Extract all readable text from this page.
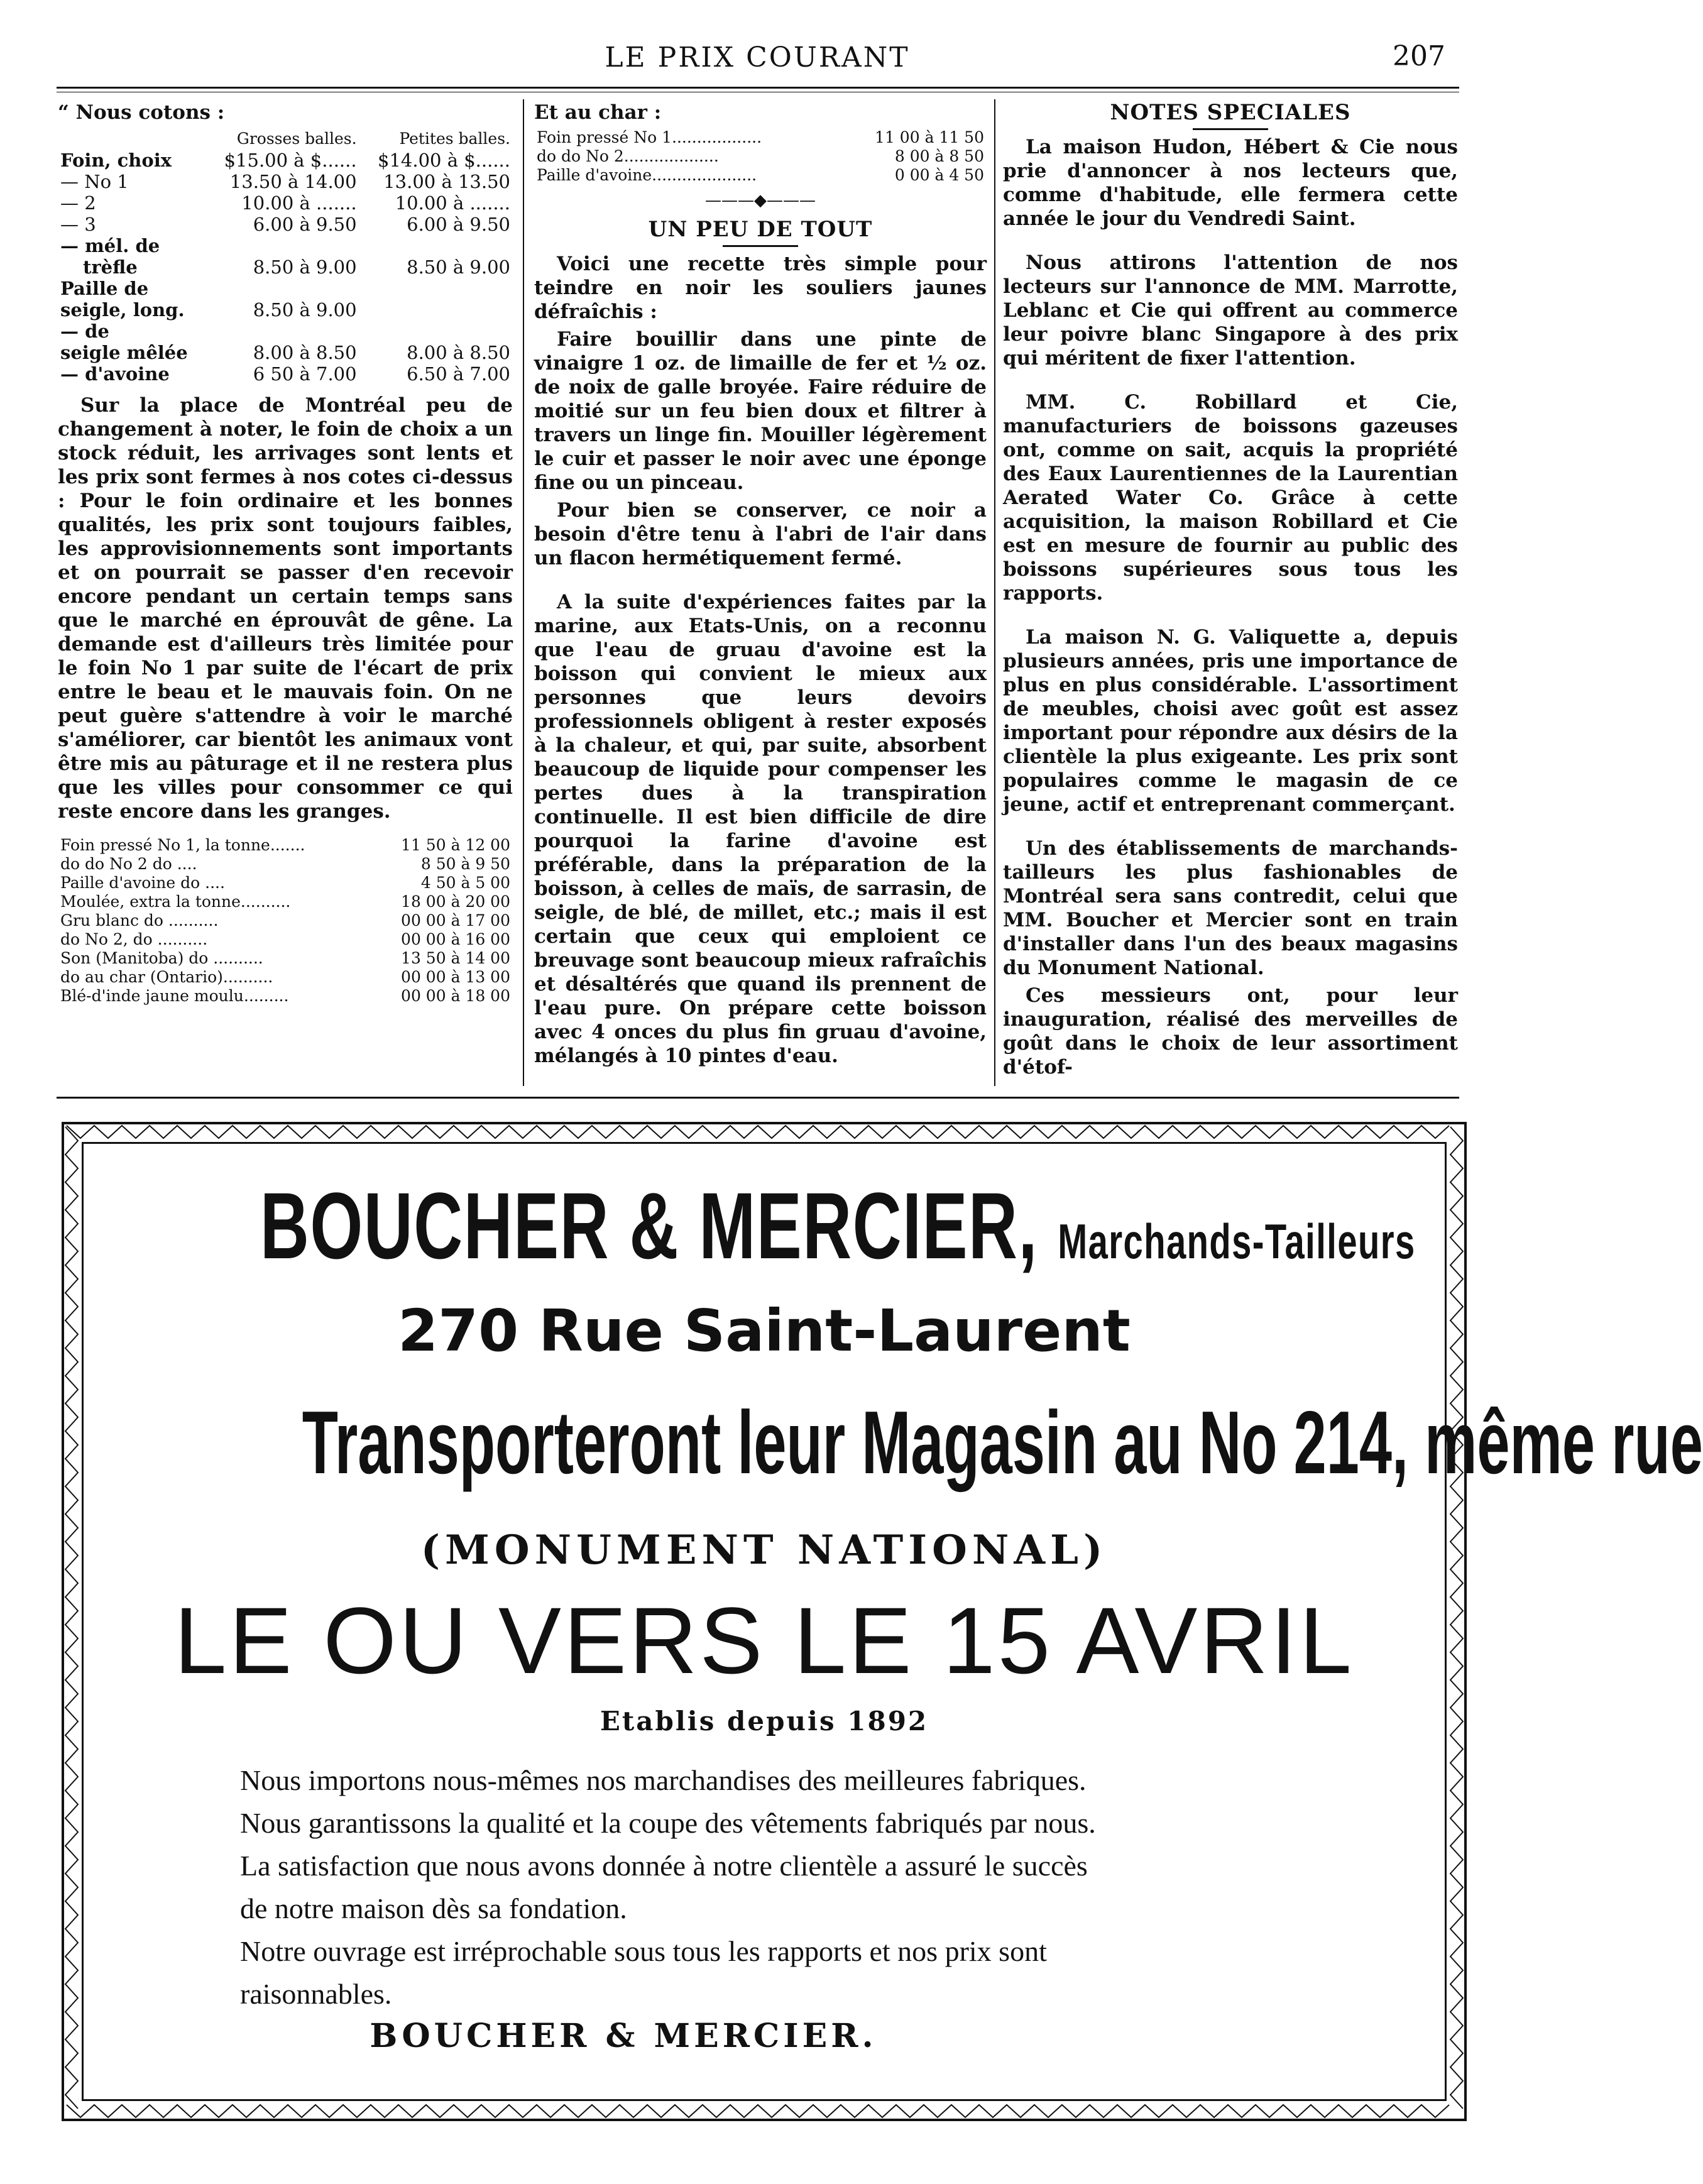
LE PRIX COURANT	207
“ Nous cotons :
	Grosses balles.	Petites balles.
Foin, choix	$15.00 à $......	$14.00 à $......
— No 1	13.50 à 14.00	13.00 à 13.50
— 2	10.00 à .......	10.00 à .......
— 3	6.00 à 9.50	6.00 à 9.50
— mél. de		
trèfle	8.50 à 9.00	8.50 à 9.00
Paille de		
seigle, long.	8.50 à 9.00	
— de		
seigle mêlée	8.00 à 8.50	8.00 à 8.50
— d'avoine	6 50 à 7.00	6.50 à 7.00

Sur la place de Montréal peu de changement à noter, le foin de choix a un stock réduit, les arrivages sont lents et les prix sont fermes à nos cotes ci-dessus : Pour le foin ordinaire et les bonnes qualités, les prix sont toujours faibles, les approvisionnements sont importants et on pourrait se passer d'en recevoir encore pendant un certain temps sans que le marché en éprouvât de gêne. La demande est d'ailleurs très limitée pour le foin No 1 par suite de l'écart de prix entre le beau et le mauvais foin. On ne peut guère s'attendre à voir le marché s'améliorer, car bientôt les animaux vont être mis au pâturage et il ne restera plus que les villes pour consommer ce qui reste encore dans les granges.

Foin pressé No 1, la tonne.......	11 50 à 12 00
do do No 2 do ....	8 50 à 9 50
Paille d'avoine do ....	4 50 à 5 00
Moulée, extra la tonne..........	18 00 à 20 00
Gru blanc do ..........	00 00 à 17 00
do No 2, do ..........	00 00 à 16 00
Son (Manitoba) do ..........	13 50 à 14 00
do au char (Ontario)..........	00 00 à 13 00
Blé-d'inde jaune moulu.........	00 00 à 18 00
Et au char :
Foin pressé No 1..................	11 00 à 11 50
do do No 2...................	8 00 à 8 50
Paille d'avoine.....................	0 00 à 4 50
———◆———
UN PEU DE TOUT

Voici une recette très simple pour teindre en noir les souliers jaunes défraîchis :

Faire bouillir dans une pinte de vinaigre 1 oz. de limaille de fer et ½ oz. de noix de galle broyée. Faire réduire de moitié sur un feu bien doux et filtrer à travers un linge fin. Mouiller légèrement le cuir et passer le noir avec une éponge fine ou un pinceau.

Pour bien se conserver, ce noir a besoin d'être tenu à l'abri de l'air dans un flacon hermétiquement fermé.

A la suite d'expériences faites par la marine, aux Etats-Unis, on a reconnu que l'eau de gruau d'avoine est la boisson qui convient le mieux aux personnes que leurs devoirs professionnels obligent à rester exposés à la chaleur, et qui, par suite, absorbent beaucoup de liquide pour compenser les pertes dues à la transpiration continuelle. Il est bien difficile de dire pourquoi la farine d'avoine est préférable, dans la préparation de la boisson, à celles de maïs, de sarrasin, de seigle, de blé, de millet, etc.; mais il est certain que ceux qui emploient ce breuvage sont beaucoup mieux rafraîchis et désaltérés que quand ils prennent de l'eau pure. On prépare cette boisson avec 4 onces du plus fin gruau d'avoine, mélangés à 10 pintes d'eau.

NOTES SPECIALES

La maison Hudon, Hébert & Cie nous prie d'annoncer à nos lecteurs que, comme d'habitude, elle fermera cette année le jour du Vendredi Saint.

Nous attirons l'attention de nos lecteurs sur l'annonce de MM. Marrotte, Leblanc et Cie qui offrent au commerce leur poivre blanc Singapore à des prix qui méritent de fixer l'attention.

MM. C. Robillard et Cie, manufacturiers de boissons gazeuses ont, comme on sait, acquis la propriété des Eaux Laurentiennes de la Laurentian Aerated Water Co. Grâce à cette acquisition, la maison Robillard et Cie est en mesure de fournir au public des boissons supérieures sous tous les rapports.

La maison N. G. Valiquette a, depuis plusieurs années, pris une importance de plus en plus considérable. L'assortiment de meubles, choisi avec goût est assez important pour répondre aux désirs de la clientèle la plus exigeante. Les prix sont populaires comme le magasin de ce jeune, actif et entreprenant commerçant.

Un des établissements de marchands-tailleurs les plus fashionables de Montréal sera sans contredit, celui que MM. Boucher et Mercier sont en train d'installer dans l'un des beaux magasins du Monument National.

Ces messieurs ont, pour leur inauguration, réalisé des merveilles de goût dans le choix de leur assortiment d'étof-

BOUCHER & MERCIER, Marchands-Tailleurs
270 Rue Saint-Laurent
Transporteront leur Magasin au No 214, même rue
(MONUMENT NATIONAL)
LE OU VERS LE 15 AVRIL
Etablis depuis 1892
Nous importons nous-mêmes nos marchandises des meilleures fabriques.
Nous garantissons la qualité et la coupe des vêtements fabriqués par nous.
La satisfaction que nous avons donnée à notre clientèle a assuré le succès
de notre maison dès sa fondation.
Notre ouvrage est irréprochable sous tous les rapports et nos prix sont
raisonnables.
BOUCHER & MERCIER.
